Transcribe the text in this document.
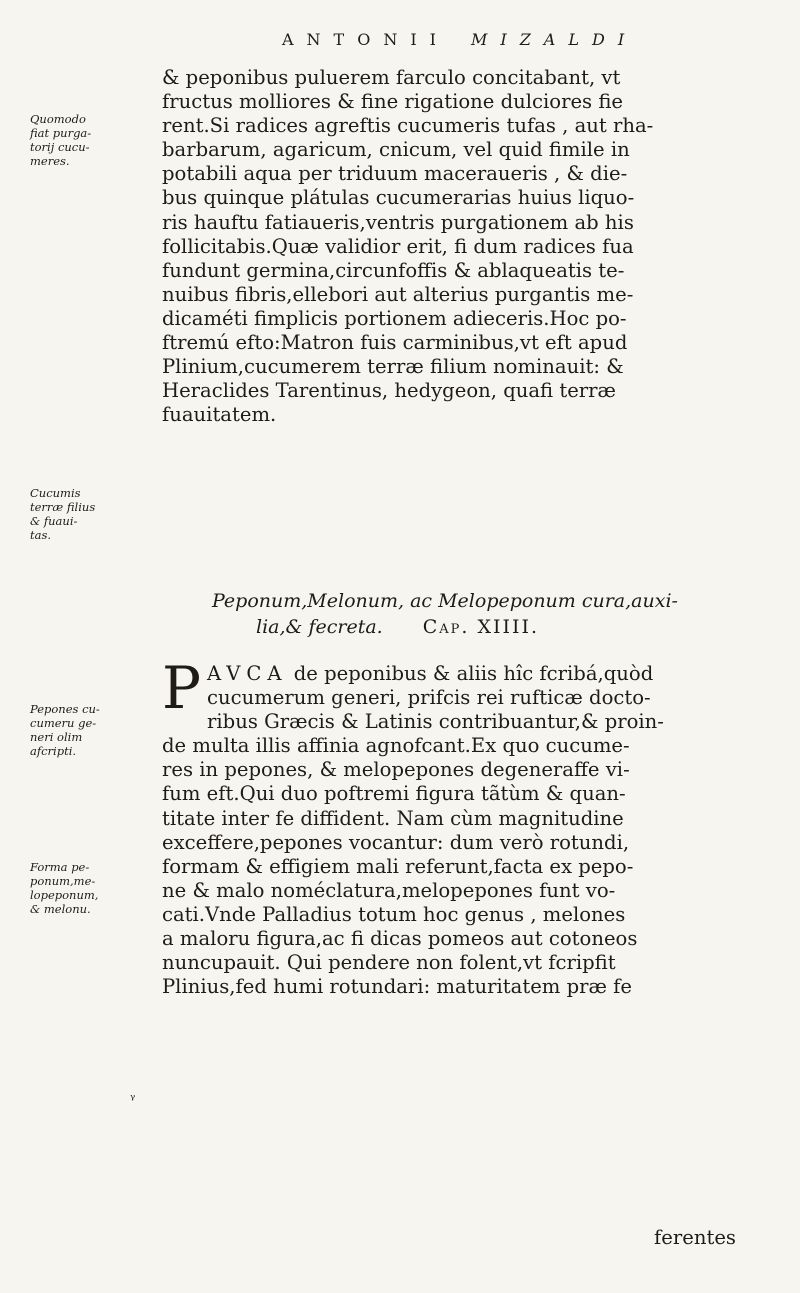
ANTONII MIZALDI
Quomodo
fiat purga-
torij cucu-
meres.
Cucumis
terræ filius
& fuaui-
tas.
Pepones cu-
cumeru ge-
neri olim
afcripti.
Forma pe-
ponum,me-
lopeponum,
& melonu.
ᵧ
& peponibus puluerem farculo concitabant, vt
fructus molliores & fine rigatione dulciores fie
rent.Si radices agreftis cucumeris tufas , aut rha-
barbarum, agaricum, cnicum, vel quid fimile in
potabili aqua per triduum maceraueris , & die-
bus quinque plátulas cucumerarias huius liquo-
ris hauftu fatiaueris,ventris purgationem ab his
follicitabis.Quæ validior erit, fi dum radices fua
fundunt germina,circunfoffis & ablaqueatis te-
nuibus fibris,ellebori aut alterius purgantis me-
dicaméti fimplicis portionem adieceris.Hoc po-
ftremú efto:Matron fuis carminibus,vt eft apud
Plinium,cucumerem terræ filium nominauit: &
Heraclides Tarentinus, hedygeon, quafi terræ
fuauitatem.
Peponum,Melonum, ac Melopeponum cura,auxi-
lia,& fecreta. Cap. XIIII.
P AVCA de peponibus & aliis hîc fcribá,quòd
cucumerum generi, prifcis rei rufticæ docto-
ribus Græcis & Latinis contribuantur,& proin-
de multa illis affinia agnofcant.Ex quo cucume-
res in pepones, & melopepones degeneraffe vi-
fum eft.Qui duo poftremi figura tãtùm & quan-
titate inter fe diffident. Nam cùm magnitudine
exceffere,pepones vocantur: dum verò rotundi,
formam & effigiem mali referunt,facta ex pepo-
ne & malo noméclatura,melopepones funt vo-
cati.Vnde Palladius totum hoc genus , melones
a maloru figura,ac fi dicas pomeos aut cotoneos
nuncupauit. Qui pendere non folent,vt fcripfit
Plinius,fed humi rotundari: maturitatem præ fe
ferentes
